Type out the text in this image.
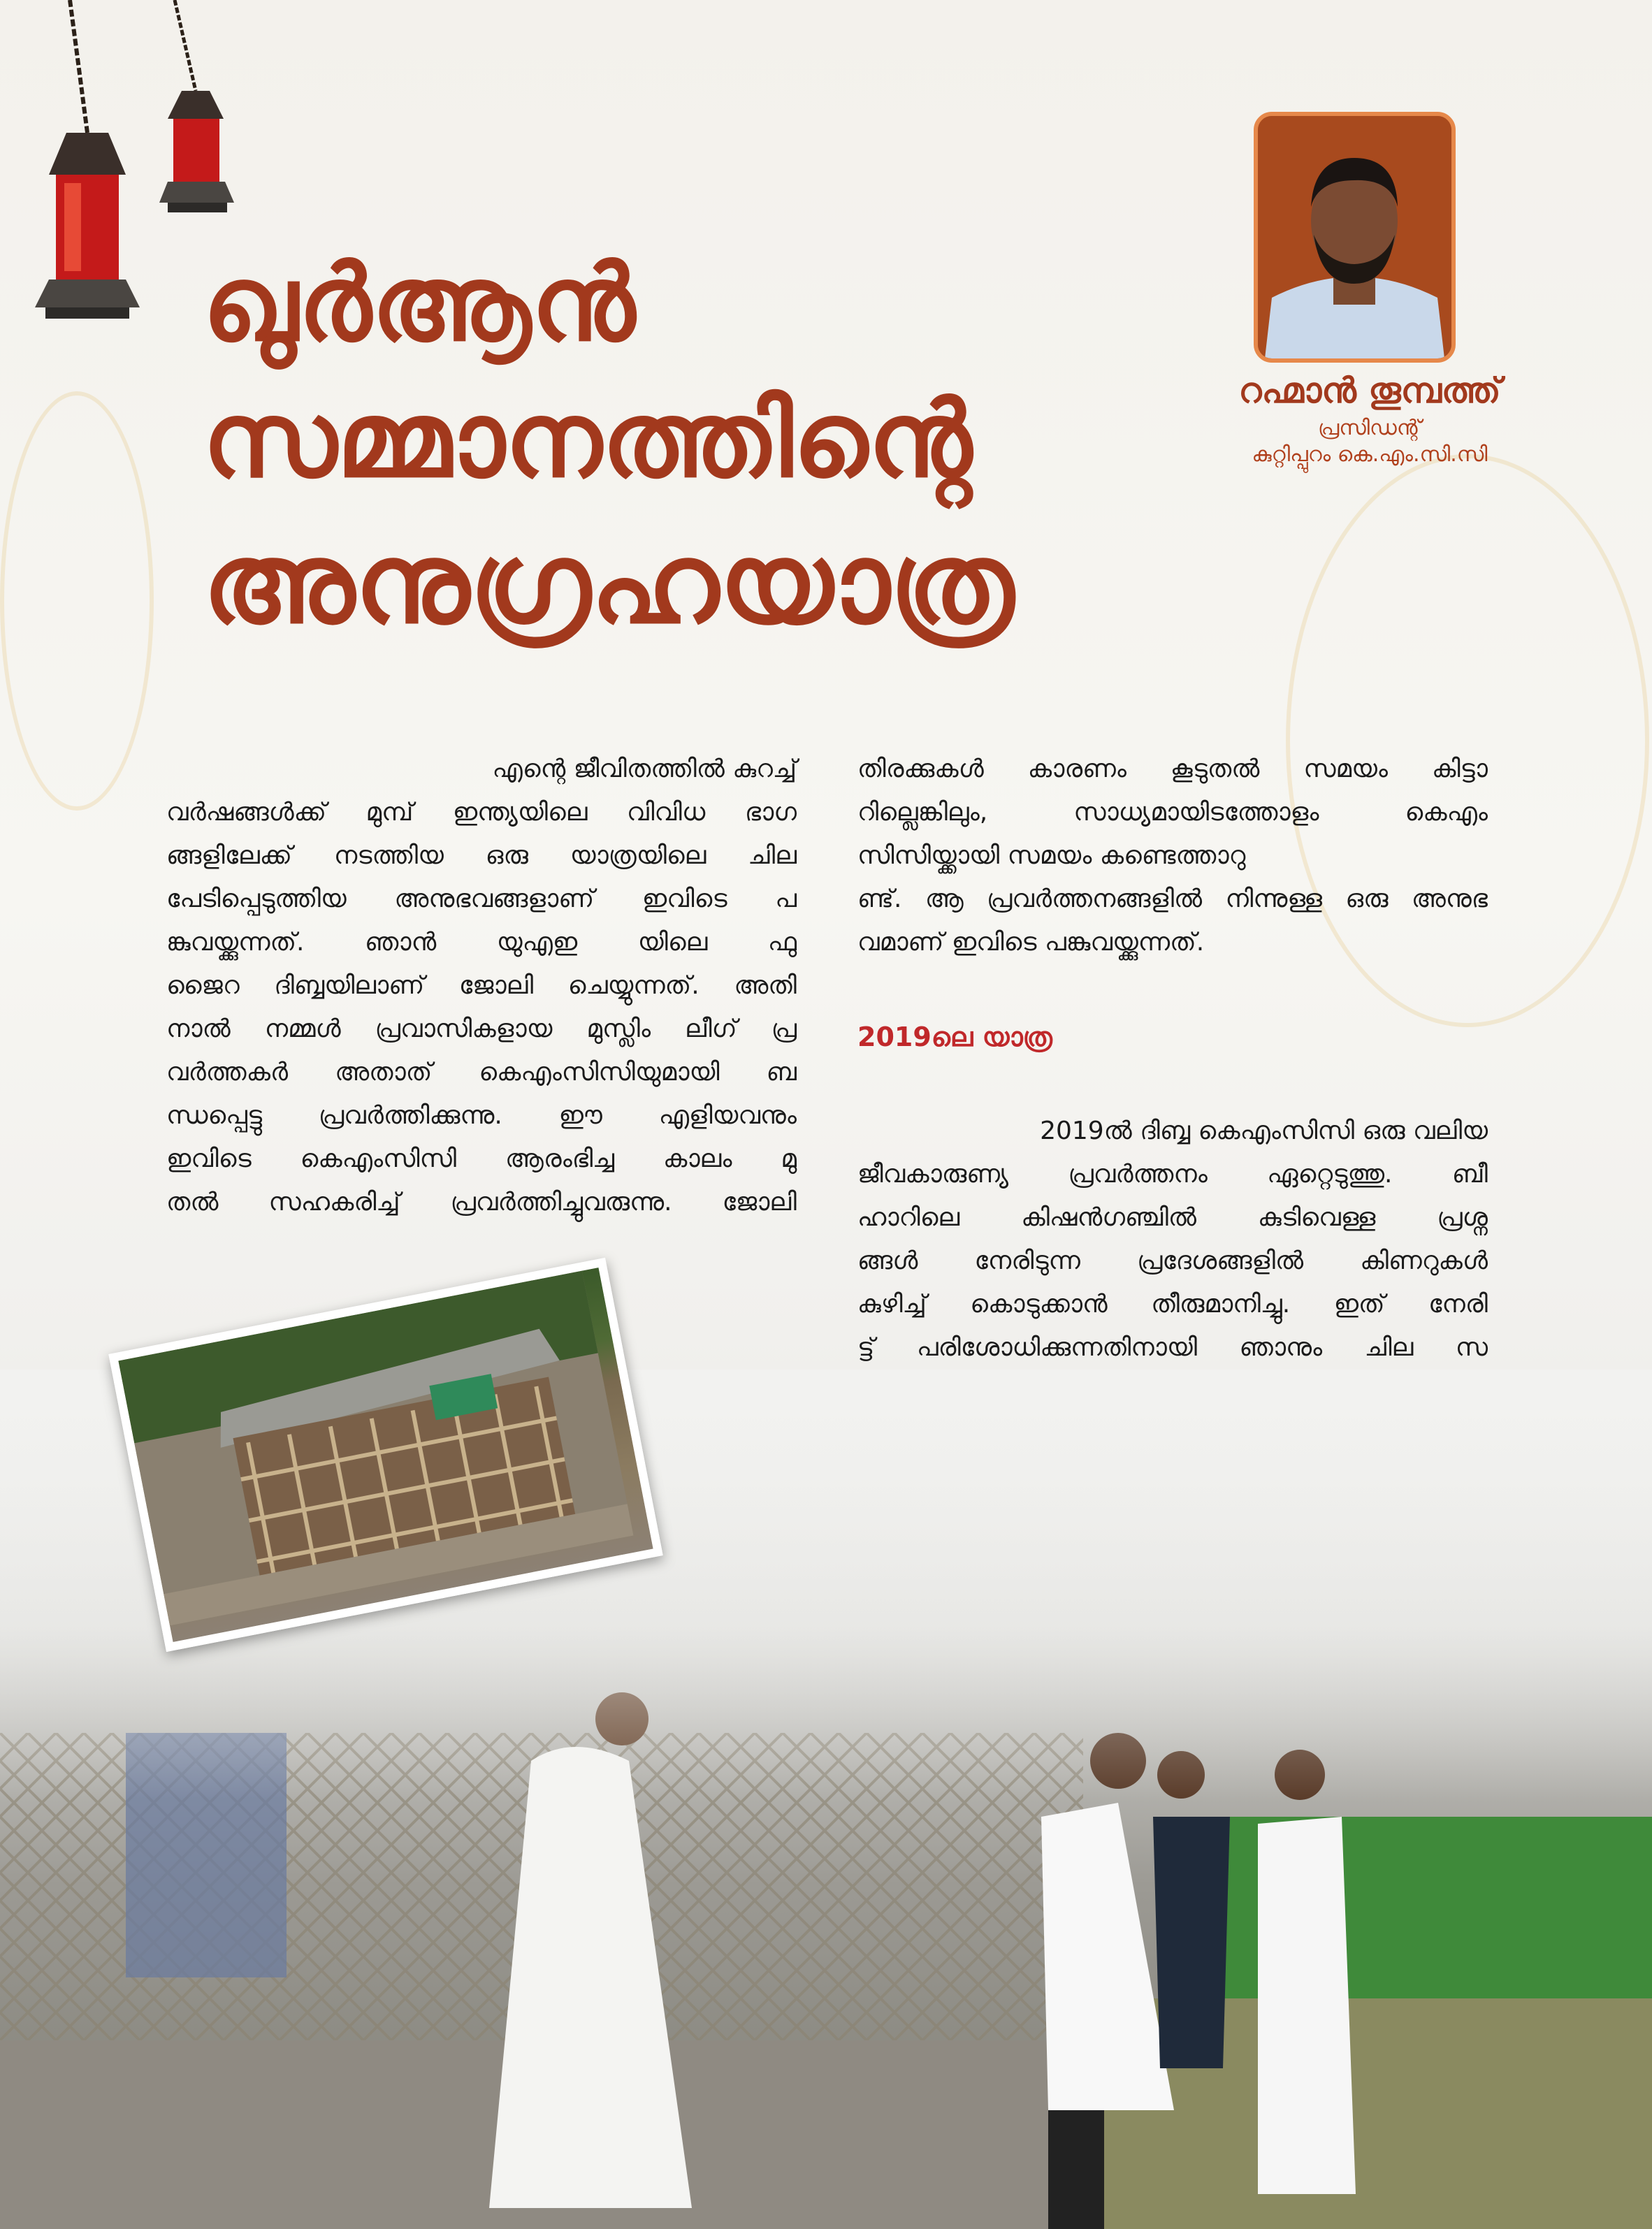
ഖുർആൻ
സമ്മാനത്തിന്റെ
അനുഗ്രഹയാത്ര
റഹ്മാൻ തൂമ്പത്ത്
പ്രസിഡന്റ്
കുറ്റിപ്പുറം കെ.എം.സി.സി
എന്റെ ജീവിതത്തിൽ കുറച്ച്
വർഷങ്ങൾക്ക് മുമ്പ് ഇന്ത്യയിലെ വിവിധ ഭാഗ
ങ്ങളിലേക്ക് നടത്തിയ ഒരു യാത്രയിലെ ചില
പേടിപ്പെടുത്തിയ അനുഭവങ്ങളാണ് ഇവിടെ പ
ങ്കുവയ്ക്കുന്നത്. ഞാൻ യുഎഇ യിലെ ഫു
ജൈറ ദിബ്ബയിലാണ് ജോലി ചെയ്യുന്നത്. അതി
നാൽ നമ്മൾ പ്രവാസികളായ മുസ്ലിം ലീഗ് പ്ര
വർത്തകർ അതാത് കെഎംസിസിയുമായി ബ
ന്ധപ്പെട്ടു പ്രവർത്തിക്കുന്നു. ഈ എളിയവനും
ഇവിടെ കെഎംസിസി ആരംഭിച്ച കാലം മു
തൽ സഹകരിച്ച് പ്രവർത്തിച്ചുവരുന്നു. ജോലി
തിരക്കുകൾ കാരണം കൂടുതൽ സമയം കിട്ടാ
റില്ലെങ്കിലും, സാധ്യമായിടത്തോളം കെഎം
സിസിയ്ക്കായി സമയം കണ്ടെത്താറു
ണ്ട്. ആ പ്രവർത്തനങ്ങളിൽ നിന്നുള്ള ഒരു അനുഭ
വമാണ് ഇവിടെ പങ്കുവയ്ക്കുന്നത്.
2019ലെ യാത്ര
2019ൽ ദിബ്ബ കെഎംസിസി ഒരു വലിയ
ജീവകാരുണ്യ പ്രവർത്തനം ഏറ്റെടുത്തു. ബീ
ഹാറിലെ കിഷൻഗഞ്ചിൽ കുടിവെള്ള പ്രശ്ന
ങ്ങൾ നേരിടുന്ന പ്രദേശങ്ങളിൽ കിണറുകൾ
കുഴിച്ച് കൊടുക്കാൻ തീരുമാനിച്ചു. ഇത് നേരി
ട്ട് പരിശോധിക്കുന്നതിനായി ഞാനും ചില സ
